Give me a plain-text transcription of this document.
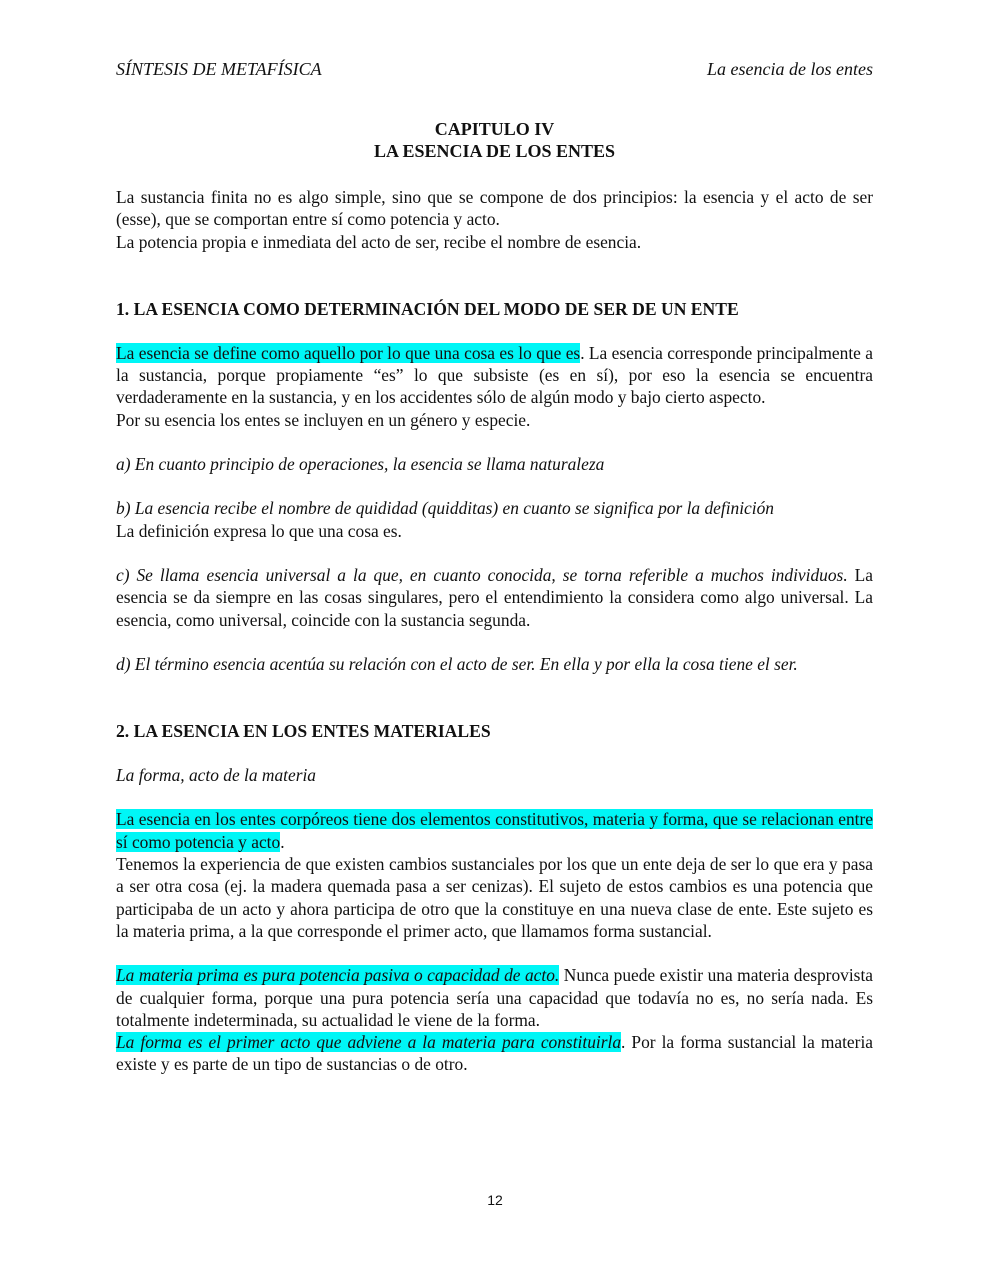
SÍNTESIS DE METAFÍSICA	La esencia de los entes
CAPITULO IV
LA ESENCIA DE LOS ENTES

La sustancia finita no es algo simple, sino que se compone de dos principios: la esencia y el acto de ser (esse), que se comportan entre sí como potencia y acto.

La potencia propia e inmediata del acto de ser, recibe el nombre de esencia.

1. LA ESENCIA COMO DETERMINACIÓN DEL MODO DE SER DE UN ENTE

La esencia se define como aquello por lo que una cosa es lo que es. La esencia corresponde principalmente a la sustancia, porque propiamente “es” lo que subsiste (es en sí), por eso la esencia se encuentra verdaderamente en la sustancia, y en los accidentes sólo de algún modo y bajo cierto aspecto.

Por su esencia los entes se incluyen en un género y especie.

a) En cuanto principio de operaciones, la esencia se llama naturaleza

b) La esencia recibe el nombre de quididad (quidditas) en cuanto se significa por la definición

La definición expresa lo que una cosa es.

c) Se llama esencia universal a la que, en cuanto conocida, se torna referible a muchos individuos. La esencia se da siempre en las cosas singulares, pero el entendimiento la considera como algo universal. La esencia, como universal, coincide con la sustancia segunda.

d) El término esencia acentúa su relación con el acto de ser. En ella y por ella la cosa tiene el ser.

2. LA ESENCIA EN LOS ENTES MATERIALES

La forma, acto de la materia

La esencia en los entes corpóreos tiene dos elementos constitutivos, materia y forma, que se relacionan entre sí como potencia y acto.

Tenemos la experiencia de que existen cambios sustanciales por los que un ente deja de ser lo que era y pasa a ser otra cosa (ej. la madera quemada pasa a ser cenizas). El sujeto de estos cambios es una potencia que participaba de un acto y ahora participa de otro que la constituye en una nueva clase de ente. Este sujeto es la materia prima, a la que corresponde el primer acto, que llamamos forma sustancial.

La materia prima es pura potencia pasiva o capacidad de acto. Nunca puede existir una materia desprovista de cualquier forma, porque una pura potencia sería una capacidad que todavía no es, no sería nada. Es totalmente indeterminada, su actualidad le viene de la forma.

La forma es el primer acto que adviene a la materia para constituirla. Por la forma sustancial la materia existe y es parte de un tipo de sustancias o de otro.

12
